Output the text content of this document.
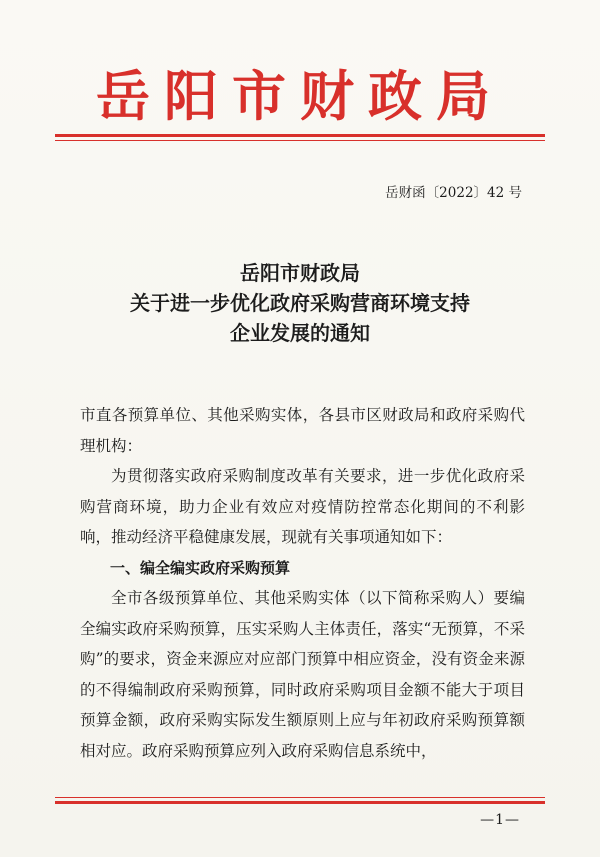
岳阳市财政局
岳财函〔2022〕42 号
岳阳市财政局
关于进一步优化政府采购营商环境支持
企业发展的通知

市直各预算单位、其他采购实体，各县市区财政局和政府采购代理机构：

为贯彻落实政府采购制度改革有关要求，进一步优化政府采购营商环境，助力企业有效应对疫情防控常态化期间的不利影响，推动经济平稳健康发展，现就有关事项通知如下：

一、编全编实政府采购预算

全市各级预算单位、其他采购实体（以下简称采购人）要编全编实政府采购预算，压实采购人主体责任，落实“无预算，不采购”的要求，资金来源应对应部门预算中相应资金，没有资金来源的不得编制政府采购预算，同时政府采购项目金额不能大于项目预算金额，政府采购实际发生额原则上应与年初政府采购预算额相对应。政府采购预算应列入政府采购信息系统中，

—1—
